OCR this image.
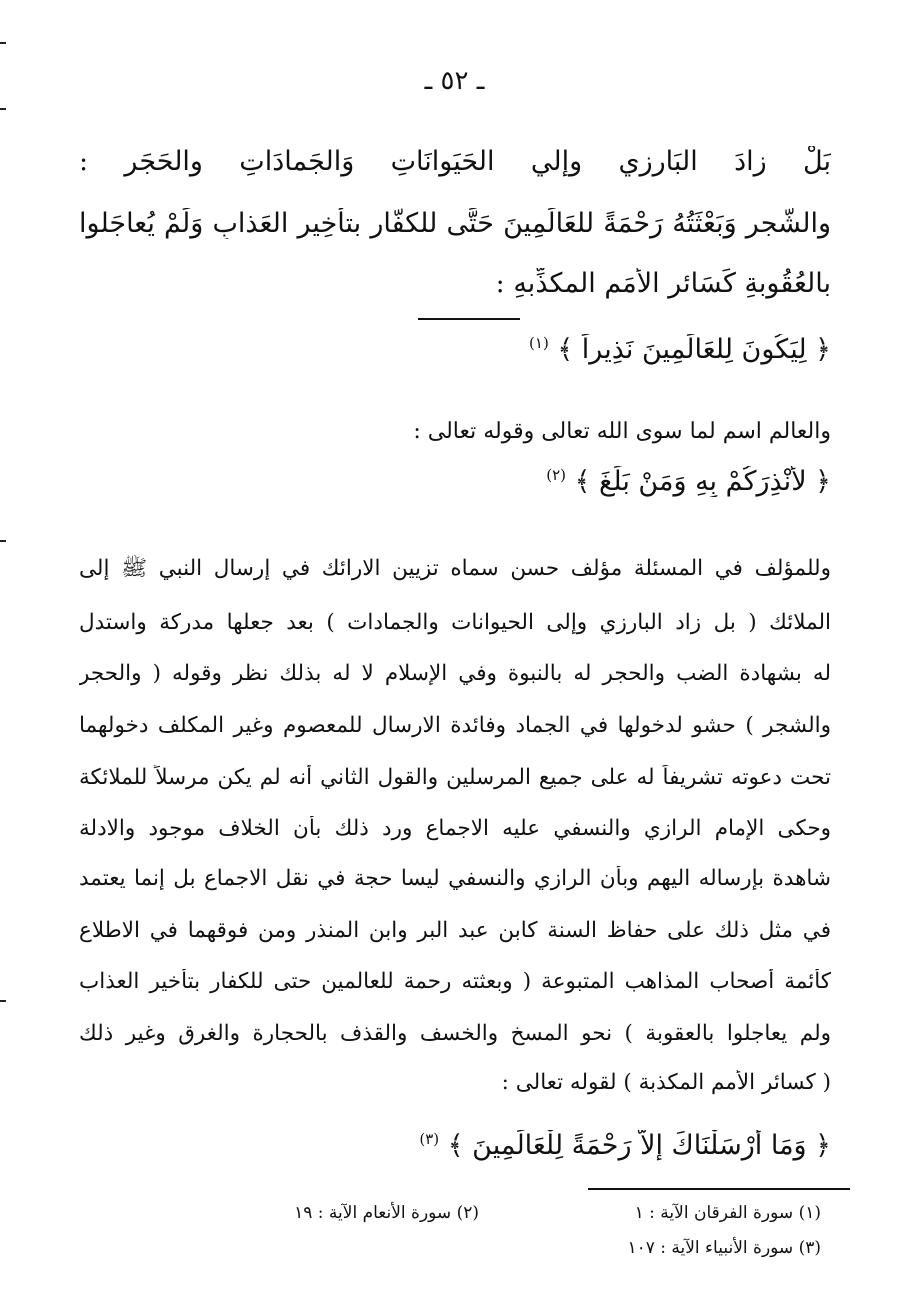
ـ ٥٢ ـ
بَلْ زادَ البَارِزِي وإلي الحَيَوانَاتِ وَالجَمادَاتِ والحَجَرِ :
والشَّجرِ وَبَعْثَتُهُ رَحْمَةً للعَالَمِينَ حَتَّى للكفَّارِ بتأْخِيرِ العَذابِ وَلَمْ يُعاجَلوا
بالعُقُوبةِ كَسَائرِ الأُمَمِ المكذِّبهِ :
﴿ لِيَكُونَ لِلعَالَمِينَ نَذِيراً ﴾ $^{(١)}$
والعالم اسم لما سوى الله تعالى وقوله تعالى :
﴿ لأُنْذِرَكُمْ بِهِ وَمَنْ بَلَغَ ﴾ $^{(٢)}$
وللمؤلف في المسئلة مؤلف حسن سماه تزيين الارائك في إرسال النبي ﷺ إلى
الملائك ( بل زاد البارزي وإلى الحيوانات والجمادات ) بعد جعلها مدركة واستدل
له بشهادة الضب والحجر له بالنبوة وفي الإسلام لا له بذلك نظر وقوله ( والحجر
والشجر ) حشو لدخولها في الجماد وفائدة الارسال للمعصوم وغير المكلف دخولهما
تحت دعوته تشريفاً له على جميع المرسلين والقول الثاني أنه لم يكن مرسلاً للملائكة
وحكى الإمام الرازي والنسفي عليه الاجماع ورد ذلك بأن الخلاف موجود والادلة
شاهدة بإرساله اليهم وبأن الرازي والنسفي ليسا حجة في نقل الاجماع بل إنما يعتمد
في مثل ذلك على حفاظ السنة كابن عبد البر وابن المنذر ومن فوقهما في الاطلاع
كأئمة أصحاب المذاهب المتبوعة ( وبعثته رحمة للعالمين حتى للكفار بتأخير العذاب
ولم يعاجلوا بالعقوبة ) نحو المسخ والخسف والقذف بالحجارة والغرق وغير ذلك
( كسائر الأمم المكذبة ) لقوله تعالى :
﴿ وَمَا أَرْسَلْنَاكَ إِلاَّ رَحْمَةً لِلْعَالَمِينَ ﴾ $^{(٣)}$
(١) سورة الفرقان الآية : ١
(٢) سورة الأنعام الآية : ١٩
(٣) سورة الأنبياء الآية : ١٠٧
